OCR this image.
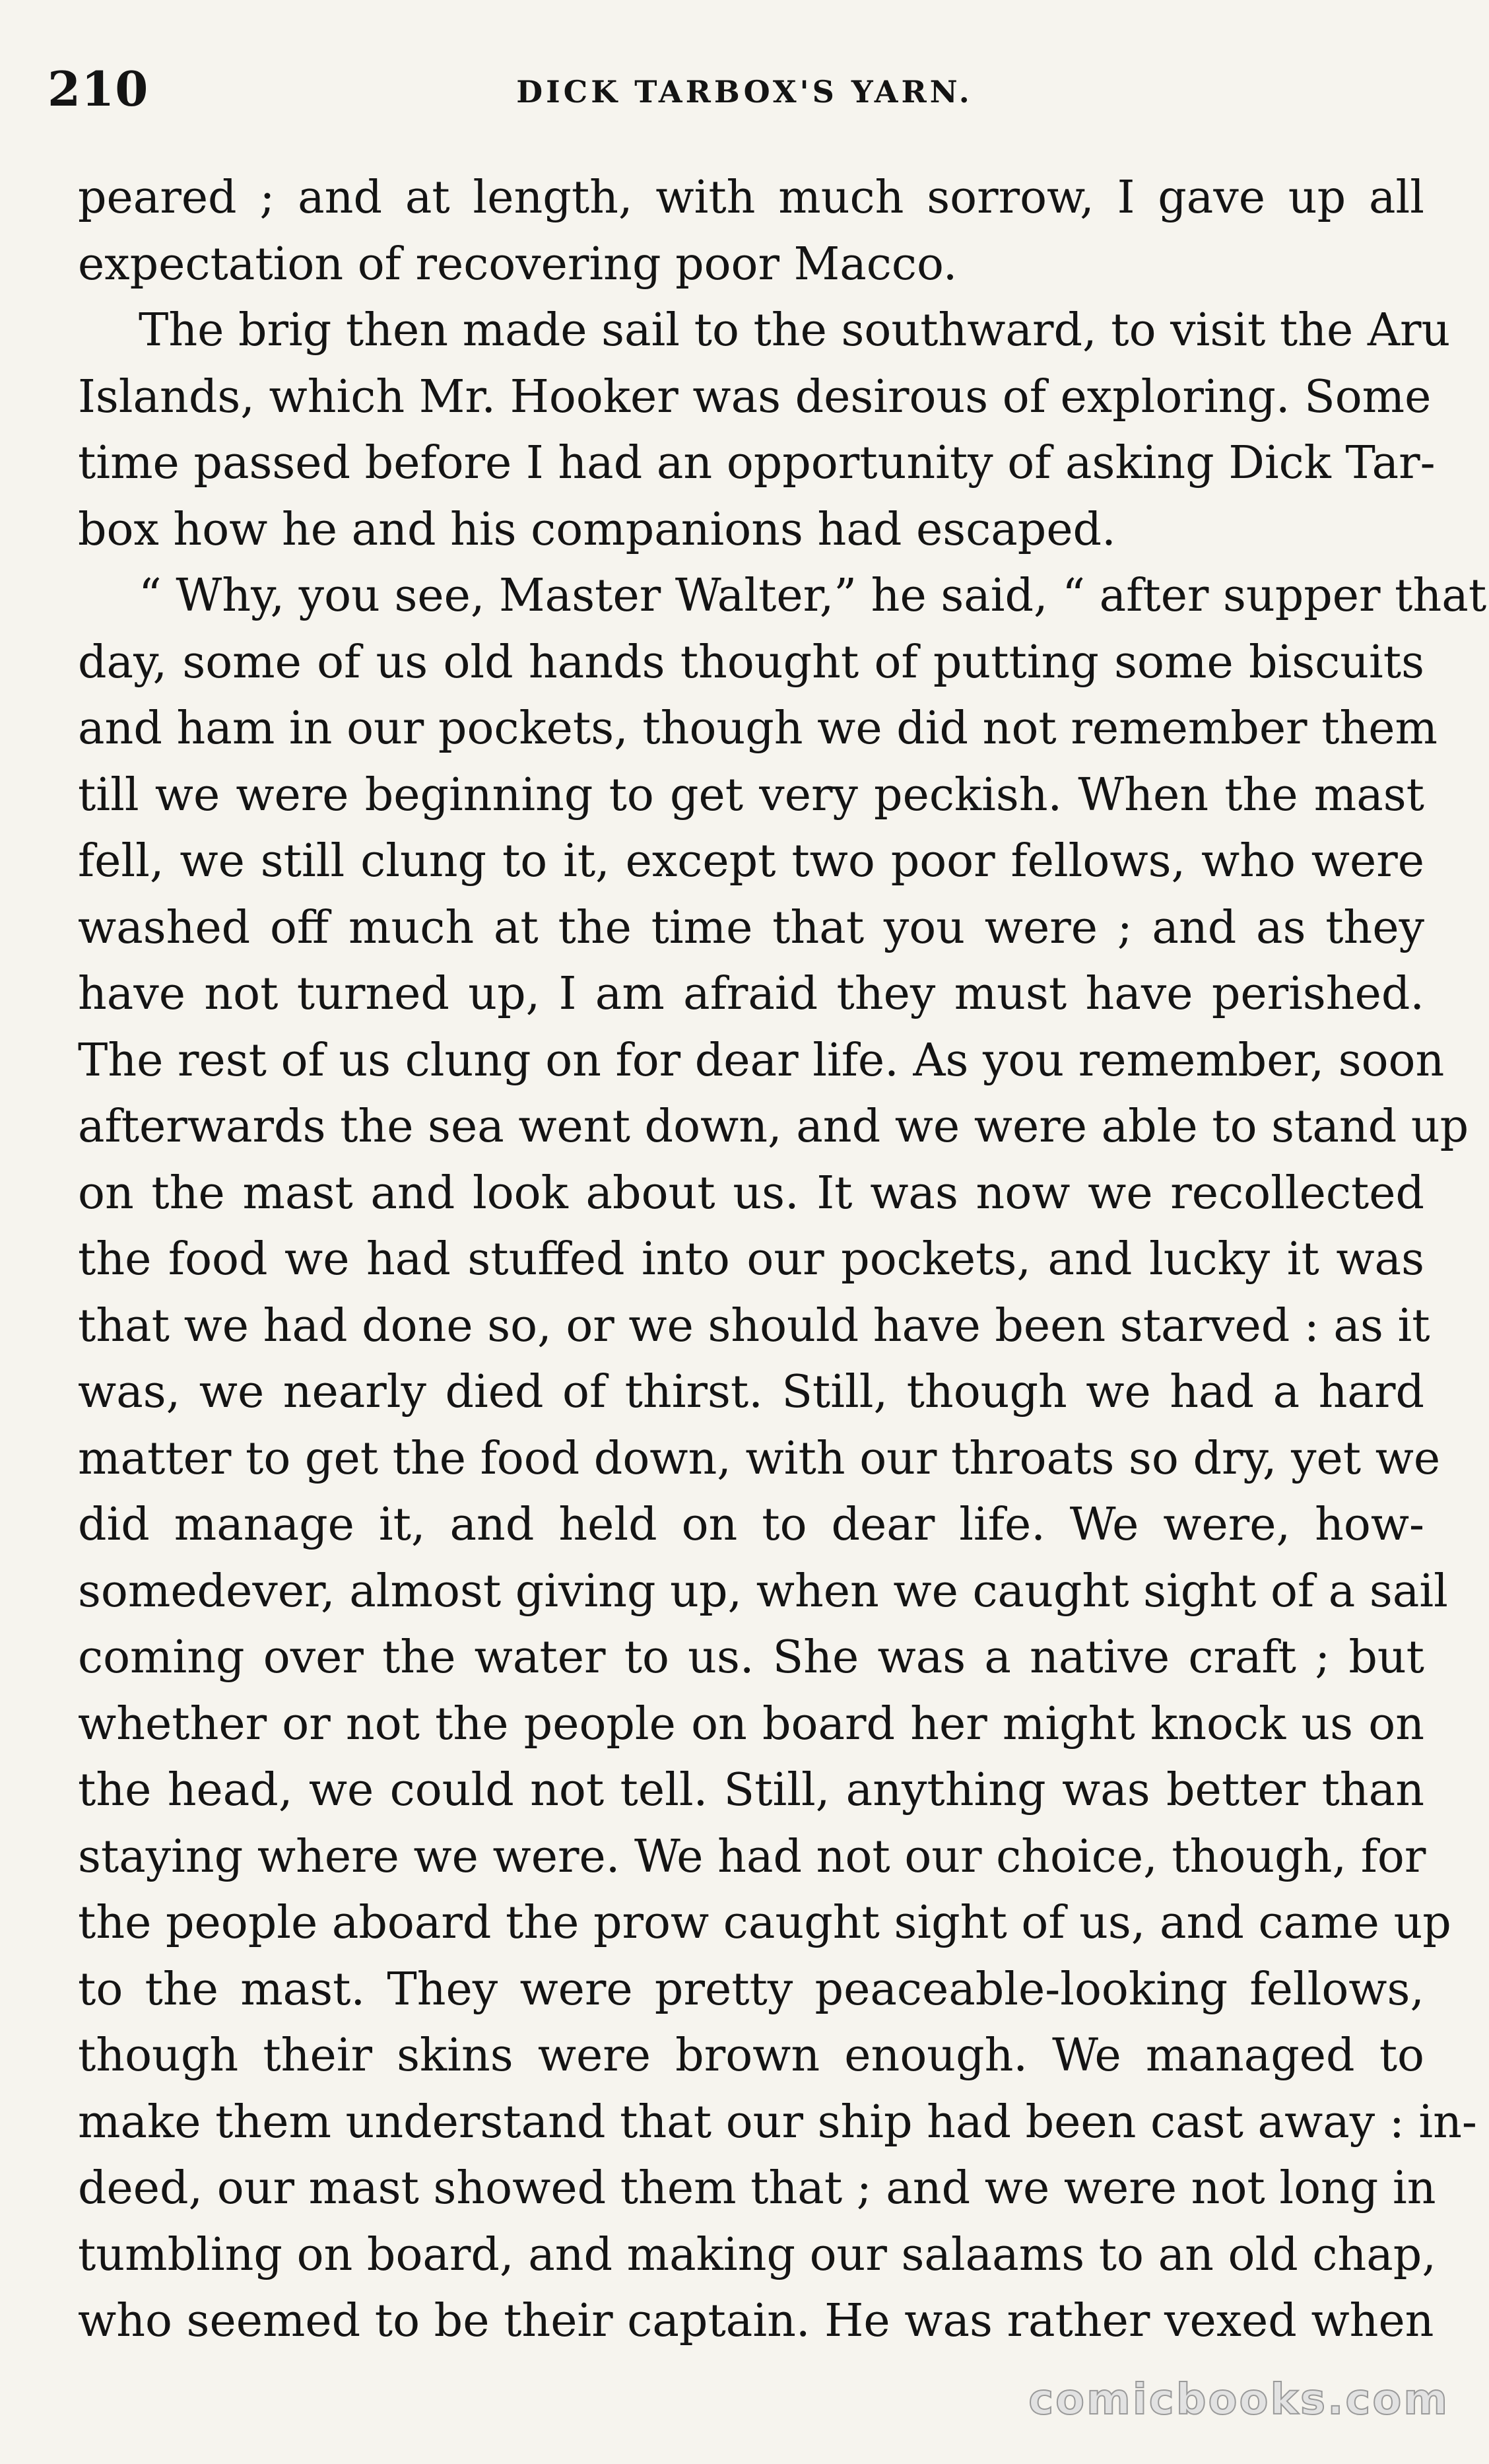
210	DICK TARBOX'S YARN.
peared ; and at length, with much sorrow, I gave up all
expectation of recovering poor Macco.
The brig then made sail to the southward, to visit the Aru
Islands, which Mr. Hooker was desirous of exploring. Some
time passed before I had an opportunity of asking Dick Tar-
box how he and his companions had escaped.
“ Why, you see, Master Walter,” he said, “ after supper that
day, some of us old hands thought of putting some biscuits
and ham in our pockets, though we did not remember them
till we were beginning to get very peckish. When the mast
fell, we still clung to it, except two poor fellows, who were
washed off much at the time that you were ; and as they
have not turned up, I am afraid they must have perished.
The rest of us clung on for dear life. As you remember, soon
afterwards the sea went down, and we were able to stand up
on the mast and look about us. It was now we recollected
the food we had stuffed into our pockets, and lucky it was
that we had done so, or we should have been starved : as it
was, we nearly died of thirst. Still, though we had a hard
matter to get the food down, with our throats so dry, yet we
did manage it, and held on to dear life. We were, how-
somedever, almost giving up, when we caught sight of a sail
coming over the water to us. She was a native craft ; but
whether or not the people on board her might knock us on
the head, we could not tell. Still, anything was better than
staying where we were. We had not our choice, though, for
the people aboard the prow caught sight of us, and came up
to the mast. They were pretty peaceable-looking fellows,
though their skins were brown enough. We managed to
make them understand that our ship had been cast away : in-
deed, our mast showed them that ; and we were not long in
tumbling on board, and making our salaams to an old chap,
who seemed to be their captain. He was rather vexed when
comicbooks.com
